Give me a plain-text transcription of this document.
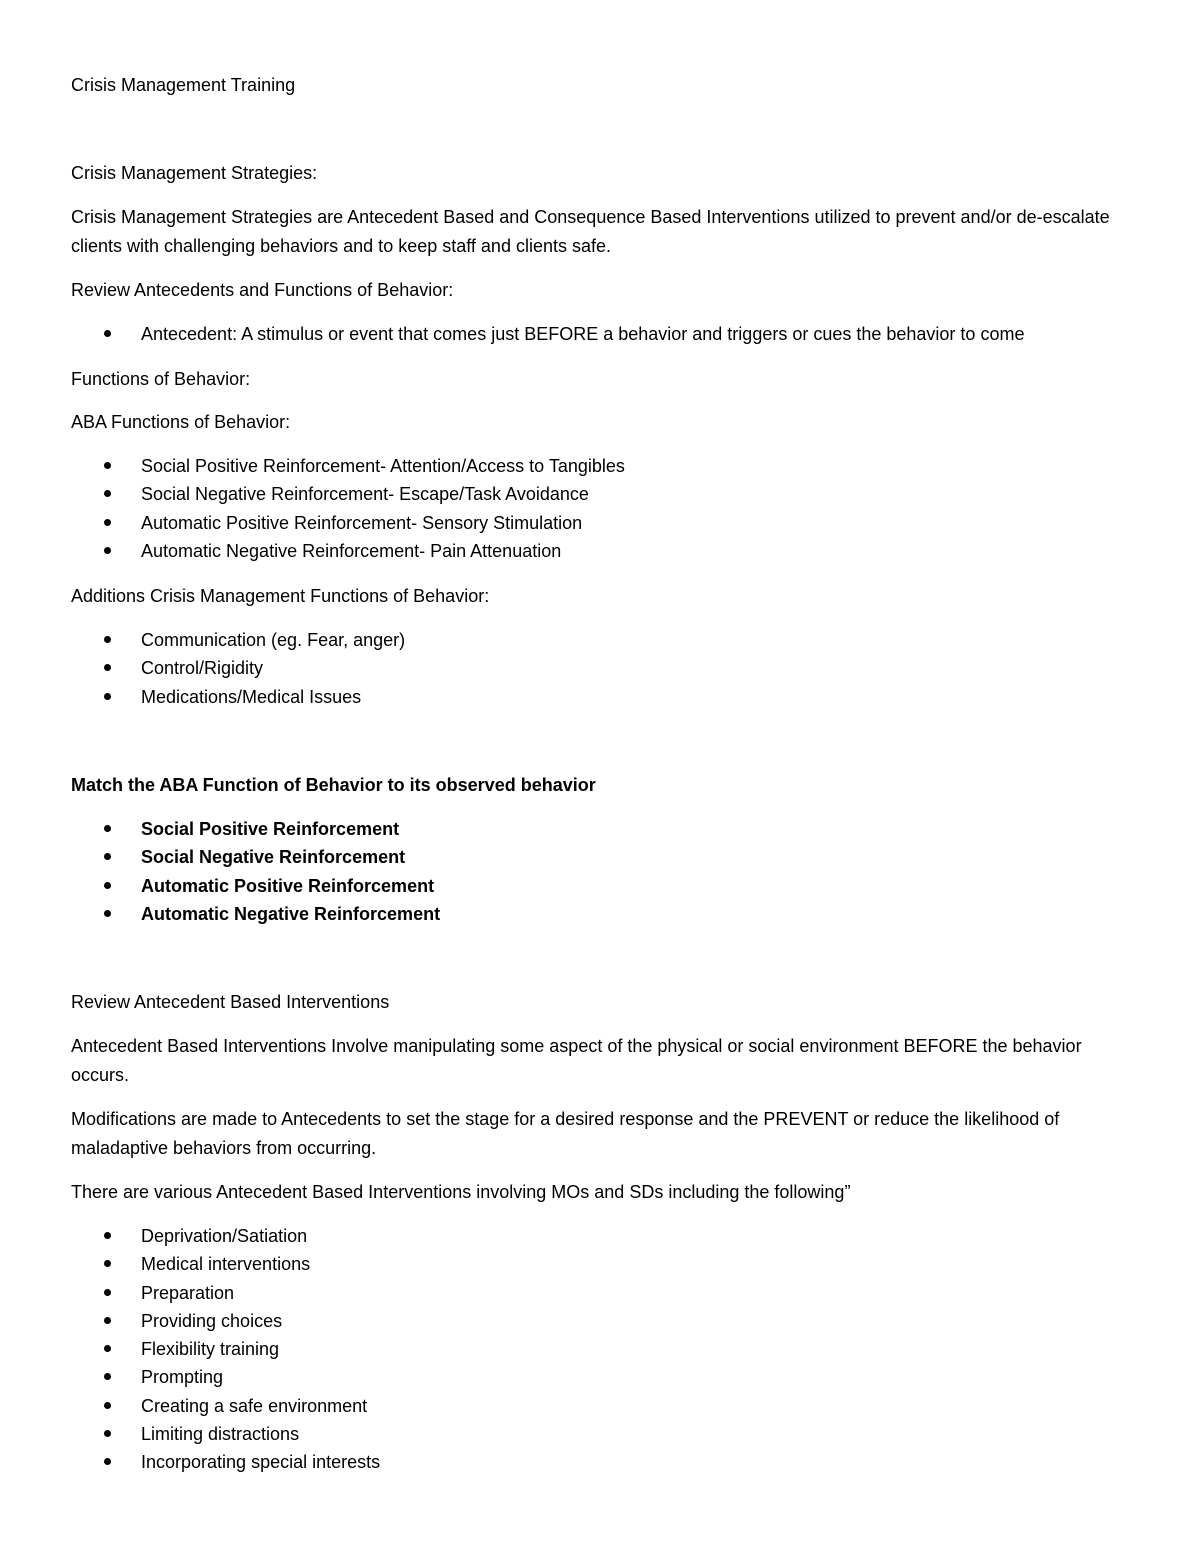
Crisis Management Training
Crisis Management Strategies:
Crisis Management Strategies are Antecedent Based and Consequence Based Interventions utilized to prevent and/or de-escalate clients with challenging behaviors and to keep staff and clients safe.
Review Antecedents and Functions of Behavior:
Antecedent: A stimulus or event that comes just BEFORE a behavior and triggers or cues the behavior to come
Functions of Behavior:
ABA Functions of Behavior:
Social Positive Reinforcement- Attention/Access to Tangibles
Social Negative Reinforcement- Escape/Task Avoidance
Automatic Positive Reinforcement- Sensory Stimulation
Automatic Negative Reinforcement- Pain Attenuation
Additions Crisis Management Functions of Behavior:
Communication (eg. Fear, anger)
Control/Rigidity
Medications/Medical Issues
Match the ABA Function of Behavior to its observed behavior
Social Positive Reinforcement
Social Negative Reinforcement
Automatic Positive Reinforcement
Automatic Negative Reinforcement
Review Antecedent Based Interventions
Antecedent Based Interventions Involve manipulating some aspect of the physical or social environment BEFORE the behavior occurs.
Modifications are made to Antecedents to set the stage for a desired response and the PREVENT or reduce the likelihood of maladaptive behaviors from occurring.
There are various Antecedent Based Interventions involving MOs and SDs including the following”
Deprivation/Satiation
Medical interventions
Preparation
Providing choices
Flexibility training
Prompting
Creating a safe environment
Limiting distractions
Incorporating special interests
